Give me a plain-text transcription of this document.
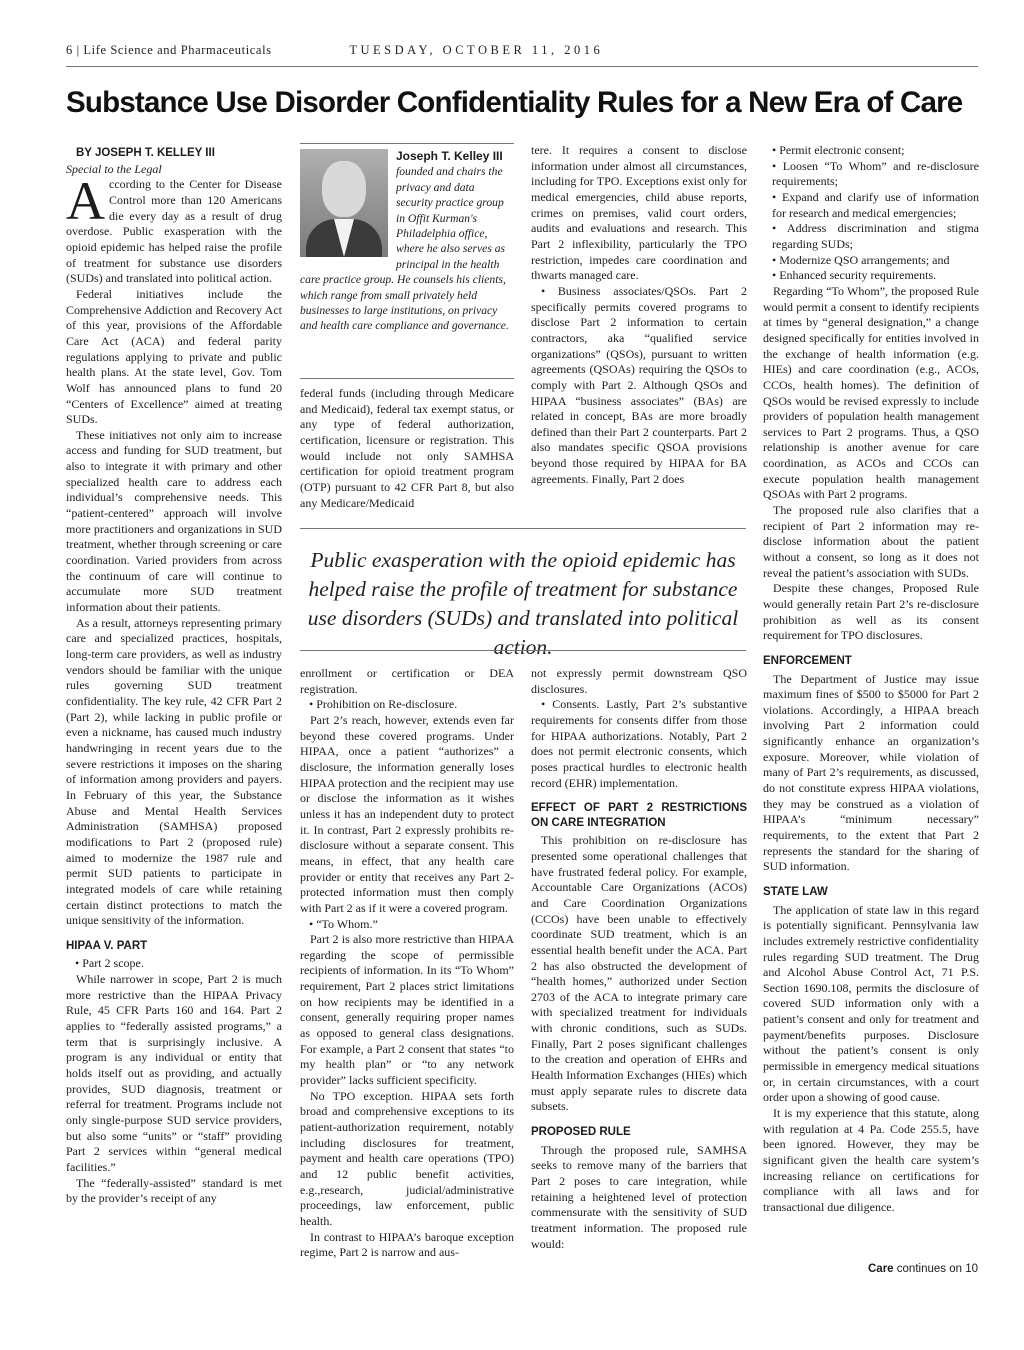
6 | Life Science and Pharmaceuticals	TUESDAY, OCTOBER 11, 2016
Substance Use Disorder Confidentiality Rules for a New Era of Care

BY JOSEPH T. KELLEY III

Special to the Legal

According to the Center for Disease Control more than 120 Americans die every day as a result of drug overdose. Public exasperation with the opioid epidemic has helped raise the profile of treatment for substance use disorders (SUDs) and translated into political action.

Federal initiatives include the Comprehensive Addiction and Recovery Act of this year, provisions of the Affordable Care Act (ACA) and federal parity regulations applying to private and public health plans. At the state level, Gov. Tom Wolf has announced plans to fund 20 “Centers of Excellence” aimed at treating SUDs.

These initiatives not only aim to increase access and funding for SUD treatment, but also to integrate it with primary and other specialized health care to address each individual’s comprehensive needs. This “patient-centered” approach will involve more practitioners and organizations in SUD treatment, whether through screening or care coordination. Varied providers from across the continuum of care will continue to accumulate more SUD treatment information about their patients.

As a result, attorneys representing primary care and specialized practices, hospitals, long-term care providers, as well as industry vendors should be familiar with the unique rules governing SUD treatment confidentiality. The key rule, 42 CFR Part 2 (Part 2), while lacking in public profile or even a nickname, has caused much industry handwringing in recent years due to the severe restrictions it imposes on the sharing of information among providers and payers. In February of this year, the Substance Abuse and Mental Health Services Administration (SAMHSA) proposed modifications to Part 2 (proposed rule) aimed to modernize the 1987 rule and permit SUD patients to participate in integrated models of care while retaining certain distinct protections to match the unique sensitivity of the information.

HIPAA V. PART

• Part 2 scope.

While narrower in scope, Part 2 is much more restrictive than the HIPAA Privacy Rule, 45 CFR Parts 160 and 164. Part 2 applies to “federally assisted programs,” a term that is surprisingly inclusive. A program is any individual or entity that holds itself out as providing, and actually provides, SUD diagnosis, treatment or referral for treatment. Programs include not only single-purpose SUD service providers, but also some “units” or “staff” providing Part 2 services within “general medical facilities.”

The “federally-assisted” standard is met by the provider’s receipt of any

Joseph T. Kelley III
founded and chairs the privacy and data security practice group in Offit Kurman's Philadelphia office, where he also serves as principal in the health care practice group. He counsels his clients, which range from small privately held businesses to large institutions, on privacy and health care compliance and governance.

federal funds (including through Medicare and Medicaid), federal tax exempt status, or any type of federal authorization, certification, licensure or registration. This would include not only SAMHSA certification for opioid treatment program (OTP) pursuant to 42 CFR Part 8, but also any Medicare/Medicaid

tere. It requires a consent to disclose information under almost all circumstances, including for TPO. Exceptions exist only for medical emergencies, child abuse reports, crimes on premises, valid court orders, audits and evaluations and research. This Part 2 inflexibility, particularly the TPO restriction, impedes care coordination and thwarts managed care.

• Business associates/QSOs. Part 2 specifically permits covered programs to disclose Part 2 information to certain contractors, aka “qualified service organizations” (QSOs), pursuant to written agreements (QSOAs) requiring the QSOs to comply with Part 2. Although QSOs and HIPAA “business associates” (BAs) are related in concept, BAs are more broadly defined than their Part 2 counterparts. Part 2 also mandates specific QSOA provisions beyond those required by HIPAA for BA agreements. Finally, Part 2 does

Public exasperation with the opioid epidemic has helped raise the profile of treatment for substance use disorders (SUDs) and translated into political action.

enrollment or certification or DEA registration.

• Prohibition on Re-disclosure.

Part 2’s reach, however, extends even far beyond these covered programs. Under HIPAA, once a patient “authorizes” a disclosure, the information generally loses HIPAA protection and the recipient may use or disclose the information as it wishes unless it has an independent duty to protect it. In contrast, Part 2 expressly prohibits re-disclosure without a separate consent. This means, in effect, that any health care provider or entity that receives any Part 2-protected information must then comply with Part 2 as if it were a covered program.

• “To Whom.”

Part 2 is also more restrictive than HIPAA regarding the scope of permissible recipients of information. In its “To Whom” requirement, Part 2 places strict limitations on how recipients may be identified in a consent, generally requiring proper names as opposed to general class designations. For example, a Part 2 consent that states “to my health plan” or “to any network provider” lacks sufficient specificity.

No TPO exception. HIPAA sets forth broad and comprehensive exceptions to its patient-authorization requirement, notably including disclosures for treatment, payment and health care operations (TPO) and 12 public benefit activities, e.g.,research, judicial/administrative proceedings, law enforcement, public health.

In contrast to HIPAA’s baroque exception regime, Part 2 is narrow and aus-

not expressly permit downstream QSO disclosures.

• Consents. Lastly, Part 2’s substantive requirements for consents differ from those for HIPAA authorizations. Notably, Part 2 does not permit electronic consents, which poses practical hurdles to electronic health record (EHR) implementation.

EFFECT OF PART 2 RESTRICTIONS ON CARE INTEGRATION

This prohibition on re-disclosure has presented some operational challenges that have frustrated federal policy. For example, Accountable Care Organizations (ACOs) and Care Coordination Organizations (CCOs) have been unable to effectively coordinate SUD treatment, which is an essential health benefit under the ACA. Part 2 has also obstructed the development of “health homes,” authorized under Section 2703 of the ACA to integrate primary care with specialized treatment for individuals with chronic conditions, such as SUDs. Finally, Part 2 poses significant challenges to the creation and operation of EHRs and Health Information Exchanges (HIEs) which must apply separate rules to discrete data subsets.

PROPOSED RULE

Through the proposed rule, SAMHSA seeks to remove many of the barriers that Part 2 poses to care integration, while retaining a heightened level of protection commensurate with the sensitivity of SUD treatment information. The proposed rule would:

• Permit electronic consent;

• Loosen “To Whom” and re-disclosure requirements;

• Expand and clarify use of information for research and medical emergencies;

• Address discrimination and stigma regarding SUDs;

• Modernize QSO arrangements; and

• Enhanced security requirements.

Regarding “To Whom”, the proposed Rule would permit a consent to identify recipients at times by “general designation,” a change designed specifically for entities involved in the exchange of health information (e.g. HIEs) and care coordination (e.g., ACOs, CCOs, health homes). The definition of QSOs would be revised expressly to include providers of population health management services to Part 2 programs. Thus, a QSO relationship is another avenue for care coordination, as ACOs and CCOs can execute population health management QSOAs with Part 2 programs.

The proposed rule also clarifies that a recipient of Part 2 information may re-disclose information about the patient without a consent, so long as it does not reveal the patient’s association with SUDs.

Despite these changes, Proposed Rule would generally retain Part 2’s re-disclosure prohibition as well as its consent requirement for TPO disclosures.

ENFORCEMENT

The Department of Justice may issue maximum fines of $500 to $5000 for Part 2 violations. Accordingly, a HIPAA breach involving Part 2 information could significantly enhance an organization’s exposure. Moreover, while violation of many of Part 2’s requirements, as discussed, do not constitute express HIPAA violations, they may be construed as a violation of HIPAA’s “minimum necessary” requirements, to the extent that Part 2 represents the standard for the sharing of SUD information.

STATE LAW

The application of state law in this regard is potentially significant. Pennsylvania law includes extremely restrictive confidentiality rules regarding SUD treatment. The Drug and Alcohol Abuse Control Act, 71 P.S. Section 1690.108, permits the disclosure of covered SUD information only with a patient’s consent and only for treatment and payment/benefits purposes. Disclosure without the patient’s consent is only permissible in emergency medical situations or, in certain circumstances, with a court order upon a showing of good cause.

It is my experience that this statute, along with regulation at 4 Pa. Code 255.5, have been ignored. However, they may be significant given the health care system’s increasing reliance on certifications for compliance with all laws and for transactional due diligence.

Care continues on 10
